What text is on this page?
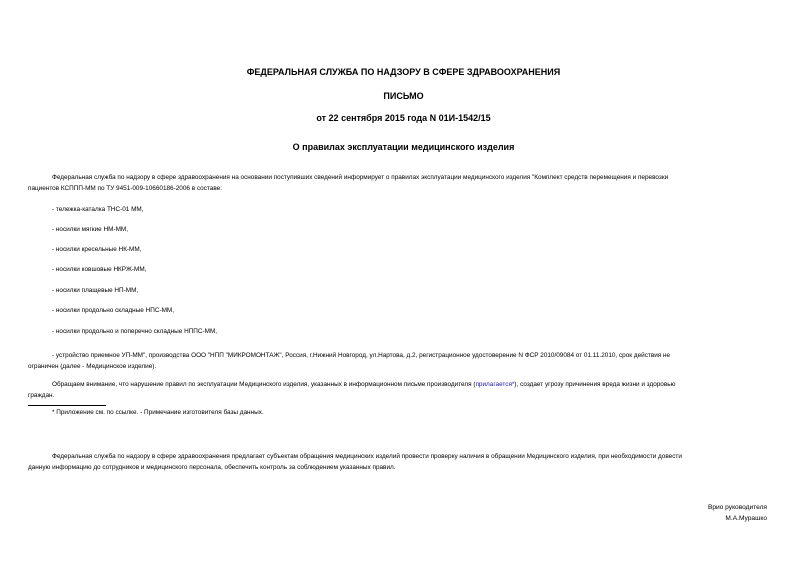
ФЕДЕРАЛЬНАЯ СЛУЖБА ПО НАДЗОРУ В СФЕРЕ ЗДРАВООХРАНЕНИЯ
ПИСЬМО
от 22 сентября 2015 года N 01И-1542/15
О правилах эксплуатации медицинского изделия
Федеральная служба по надзору в сфере здравоохранения на основании поступивших сведений информирует о правилах эксплуатации медицинского изделия "Комплект средств перемещения и перевозки
пациентов КСППП-ММ по ТУ 9451-009-10660186-2006 в составе:
- тележка-каталка ТНС-01 ММ,
- носилки мягкие НМ-ММ,
- носилки кресельные НК-ММ,
- носилки ковшовые НКРЖ-ММ,
- носилки плащевые НП-ММ,
- носилки продольно складные НПС-ММ,
- носилки продольно и поперечно складные НППС-ММ,
- устройство приемное УП-ММ", производства ООО "НПП "МИКРОМОНТАЖ", Россия, г.Нижний Новгород, ул.Нартова, д.2, регистрационное удостоверение N ФСР 2010/09084 от 01.11.2010, срок действия не
ограничен (далее - Медицинское изделие).
Обращаем внимание, что нарушение правил по эксплуатации Медицинского изделия, указанных в информационном письме производителя (прилагается*), создает угрозу причинения вреда жизни и здоровью
граждан.
* Приложение см. по ссылке. - Примечание изготовителя базы данных.
Федеральная служба по надзору в сфере здравоохранения предлагает субъектам обращения медицинских изделий провести проверку наличия в обращении Медицинского изделия, при необходимости довести
данную информацию до сотрудников и медицинского персонала, обеспечить контроль за соблюдением указанных правил.
Врио руководителя
М.А.Мурашко
